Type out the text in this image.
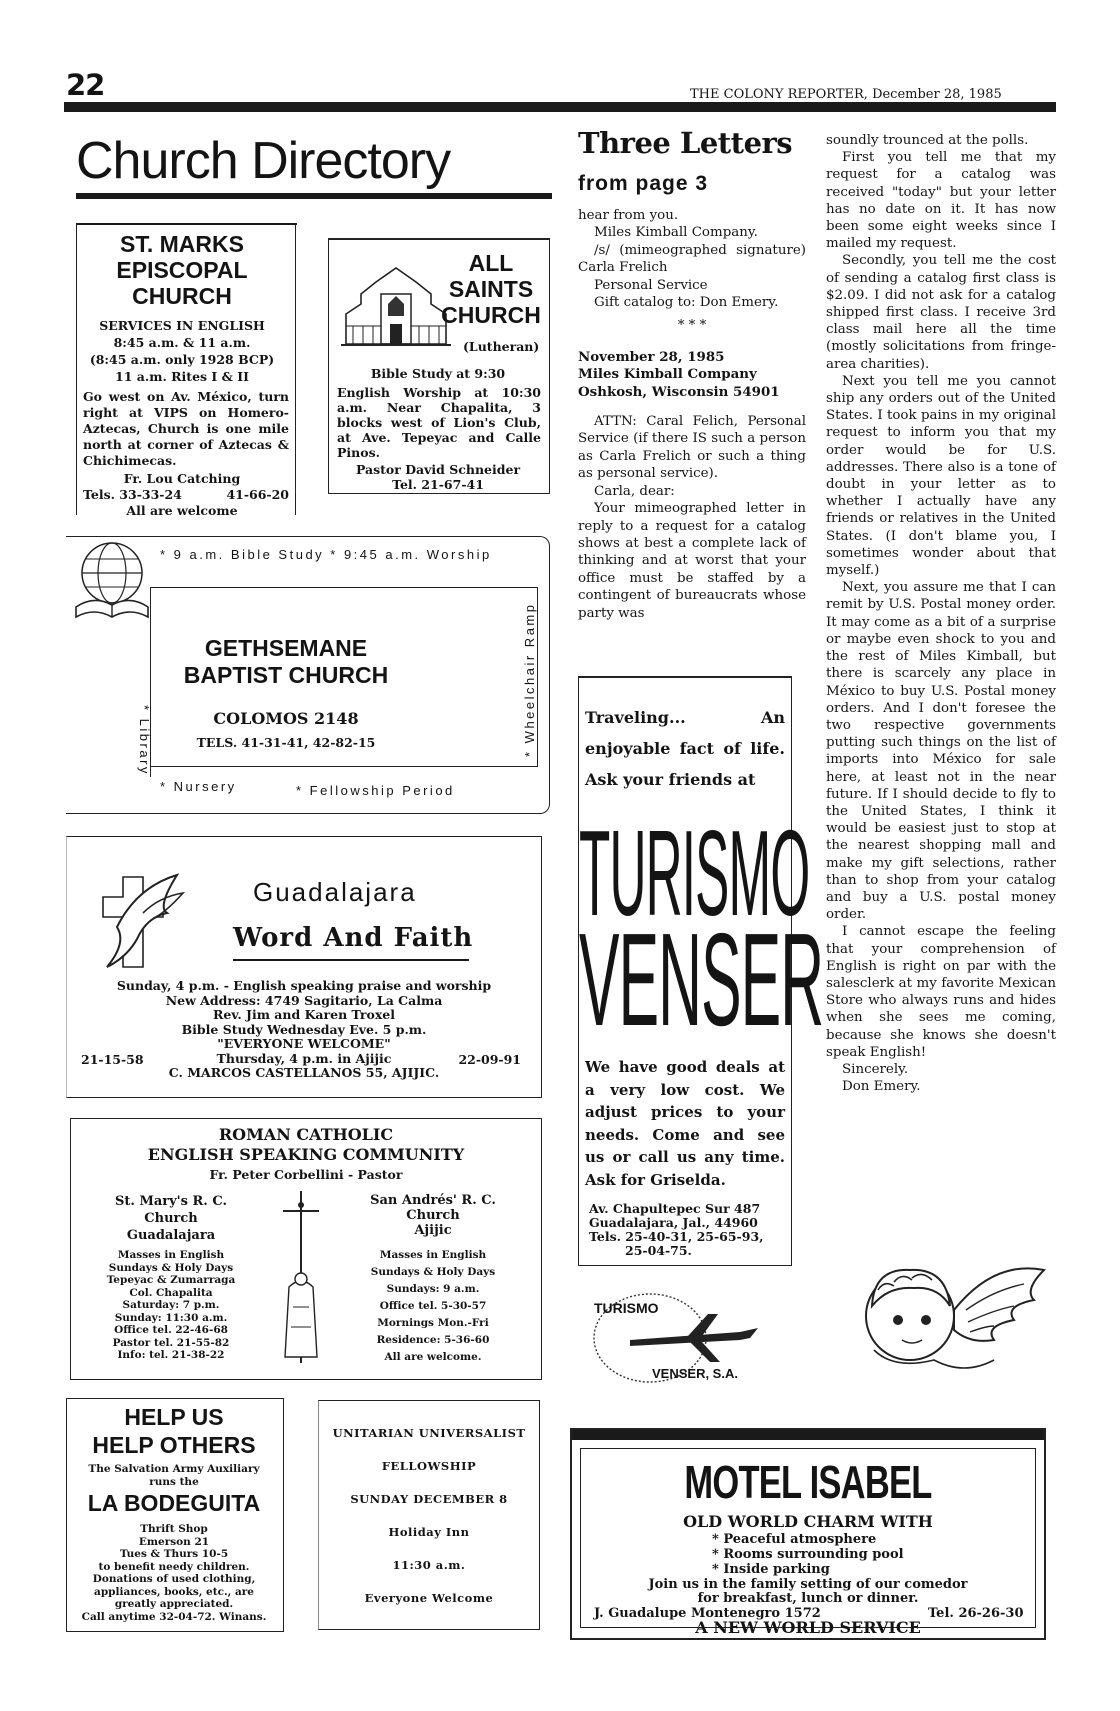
22	THE COLONY REPORTER, December 28, 1985
Church Directory
ST. MARKS
EPISCOPAL
CHURCH
SERVICES IN ENGLISH
8:45 a.m. & 11 a.m.
(8:45 a.m. only 1928 BCP)
11 a.m. Rites I & II
Go west on Av. México, turn right at VIPS on Homero-Aztecas, Church is one mile north at corner of Aztecas & Chichimecas.
Fr. Lou Catching
Tels. 33-33-24	41-66-20
All are welcome
ALL
SAINTS
CHURCH
(Lutheran)
Bible Study at 9:30
English Worship at 10:30 a.m. Near Chapalita, 3 blocks west of Lion's Club, at Ave. Tepeyac and Calle Pinos.
Pastor David Schneider
Tel. 21-67-41
* 9 a.m. Bible Study * 9:45 a.m. Worship
* Library	* Wheelchair Ramp
GETHSEMANE
BAPTIST CHURCH
COLOMOS 2148
TELS. 41-31-41, 42-82-15
* Nursery	* Fellowship Period
Guadalajara
Word And Faith
Sunday, 4 p.m. - English speaking praise and worship
New Address: 4749 Sagitario, La Calma
Rev. Jim and Karen Troxel
Bible Study Wednesday Eve. 5 p.m.
"EVERYONE WELCOME"
Thursday, 4 p.m. in Ajijic
C. MARCOS CASTELLANOS 55, AJIJIC.
21-15-58	22-09-91
ROMAN CATHOLIC
ENGLISH SPEAKING COMMUNITY
Fr. Peter Corbellini - Pastor
St. Mary's R. C.
Church
Guadalajara
Masses in English
Sundays & Holy Days
Tepeyac & Zumarraga
Col. Chapalita
Saturday: 7 p.m.
Sunday: 11:30 a.m.
Office tel. 22-46-68
Pastor tel. 21-55-82
Info: tel. 21-38-22
San Andrés' R. C.
Church
Ajijic
Masses in English
Sundays & Holy Days
Sundays: 9 a.m.
Office tel. 5-30-57
Mornings Mon.-Fri
Residence: 5-36-60
All are welcome.
HELP US
HELP OTHERS
The Salvation Army Auxiliary
runs the
LA BODEGUITA
Thrift Shop
Emerson 21
Tues & Thurs 10-5
to benefit needy children.
Donations of used clothing, appliances, books, etc., are greatly appreciated.
Call anytime 32-04-72. Winans.
UNITARIAN UNIVERSALIST
FELLOWSHIP
SUNDAY DECEMBER 8
Holiday Inn
11:30 a.m.
Everyone Welcome
Three Letters
from page 3

hear from you.

Miles Kimball Company.

/s/ (mimeographed signature) Carla Frelich

Personal Service

Gift catalog to: Don Emery.

* * *

November 28, 1985

Miles Kimball Company

Oshkosh, Wisconsin 54901

ATTN: Caral Felich, Personal Service (if there IS such a person as Carla Frelich or such a thing as personal service).

Carla, dear:

Your mimeographed letter in reply to a request for a catalog shows at best a complete lack of thinking and at worst that your office must be staffed by a contingent of bureaucrats whose party was

Traveling... An enjoyable fact of life. Ask your friends at
TURISMO
VENSER
We have good deals at a very low cost. We adjust prices to your needs. Come and see us or call us any time. Ask for Griselda.
Av. Chapultepec Sur 487
Guadalajara, Jal., 44960
Tels. 25-40-31, 25-65-93,
25-04-75.
TURISMO
VENSER, S.A.

soundly trounced at the polls.

First you tell me that my request for a catalog was received "today" but your letter has no date on it. It has now been some eight weeks since I mailed my request.

Secondly, you tell me the cost of sending a catalog first class is $2.09. I did not ask for a catalog shipped first class. I receive 3rd class mail here all the time (mostly solicitations from fringe-area charities).

Next you tell me you cannot ship any orders out of the United States. I took pains in my original request to inform you that my order would be for U.S. addresses. There also is a tone of doubt in your letter as to whether I actually have any friends or relatives in the United States. (I don't blame you, I sometimes wonder about that myself.)

Next, you assure me that I can remit by U.S. Postal money order. It may come as a bit of a surprise or maybe even shock to you and the rest of Miles Kimball, but there is scarcely any place in México to buy U.S. Postal money orders. And I don't foresee the two respective governments putting such things on the list of imports into México for sale here, at least not in the near future. If I should decide to fly to the United States, I think it would be easiest just to stop at the nearest shopping mall and make my gift selections, rather than to shop from your catalog and buy a U.S. postal money order.

I cannot escape the feeling that your comprehension of English is right on par with the salesclerk at my favorite Mexican Store who always runs and hides when she sees me coming, because she knows she doesn't speak English!

Sincerely.

Don Emery.

MOTEL ISABEL
OLD WORLD CHARM WITH
* Peaceful atmosphere
* Rooms surrounding pool
* Inside parking
Join us in the family setting of our comedor
for breakfast, lunch or dinner.
J. Guadalupe Montenegro 1572	Tel. 26-26-30
A NEW WORLD SERVICE
